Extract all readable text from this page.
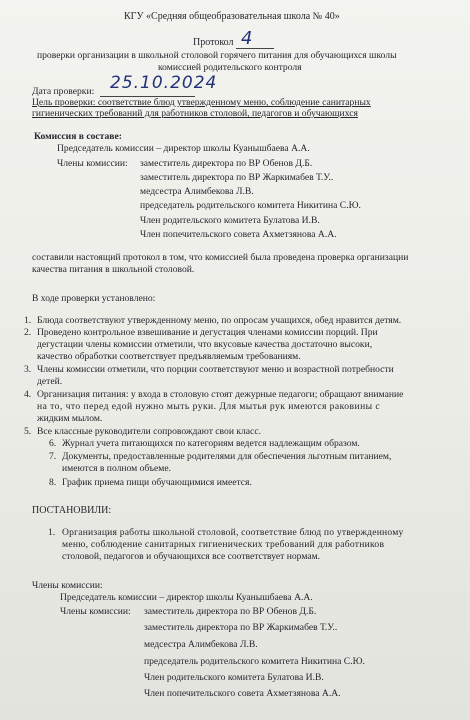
КГУ «Средняя общеобразовательная школа № 40»
Протокол 4
проверки организации в школьной столовой горячего питания для обучающихся школы
комиссией родительского контроля
Дата проверки: 25.10.2024
Цель проверки: соответствие блюд утвержденному меню, соблюдение санитарных
гигиенических требований для работников столовой, педагогов и обучающихся
Комиссия в составе:
Председатель комиссии – директор школы Куанышбаева А.А.
Члены комиссии: заместитель директора по ВР Обенов Д.Б.
заместитель директора по ВР Жаркимабев Т.У..
медсестра Алимбекова Л.В.
председатель родительского комитета Никитина С.Ю.
Член родительского комитета Булатова И.В.
Член попечительского совета Ахметзянова А.А.
составили настоящий протокол в том, что комиссией была проведена проверка организации
качества питания в школьной столовой.
В ходе проверки установлено:
1. Блюда соответствуют утвержденному меню, по опросам учащихся, обед нравится детям.
2. Проведено контрольное взвешивание и дегустация членами комиссии порций. При
дегустации члены комиссии отметили, что вкусовые качества достаточно высоки,
качество обработки соответствует предъявляемым требованиям.
3. Члены комиссии отметили, что порции соответствуют меню и возрастной потребности
детей.
4. Организация питания: у входа в столовую стоят дежурные педагоги; обращают внимание
на то, что перед едой нужно мыть руки. Для мытья рук имеются раковины с
жидким мылом.
5. Все классные руководители сопровождают свои класс.
6. Журнал учета питающихся по категориям ведется надлежащим образом.
7. Документы, предоставленные родителями для обеспечения льготным питанием,
имеются в полном объеме.
8. График приема пищи обучающимися имеется.
ПОСТАНОВИЛИ:
1. Организация работы школьной столовой, соответствие блюд по утвержденному
меню, соблюдение санитарных гигиенических требований для работников
столовой, педагогов и обучающихся все соответствует нормам.
Члены комиссии:
Председатель комиссии – директор школы Куанышбаева А.А.
Члены комиссии: заместитель директора по ВР Обенов Д.Б.
заместитель директора по ВР Жаркимабев Т.У..
медсестра Алимбекова Л.В.
председатель родительского комитета Никитина С.Ю.
Член родительского комитета Булатова И.В.
Член попечительского совета Ахметзянова А.А.
